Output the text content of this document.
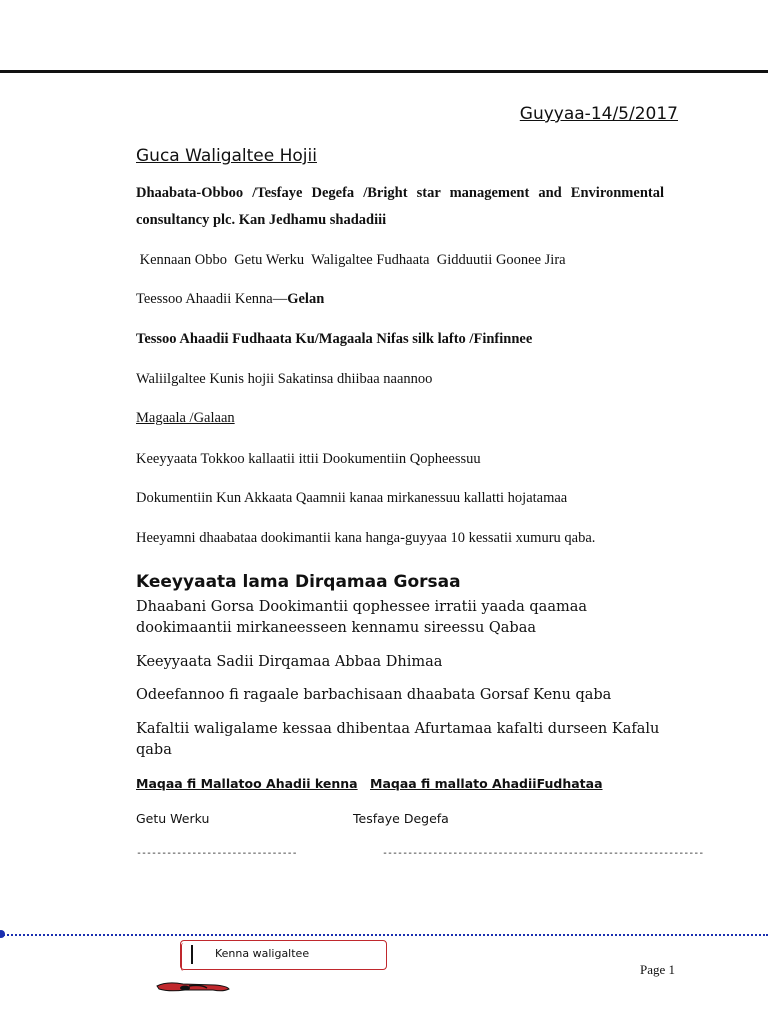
Guyyaa-14/5/2017
Guca Waligaltee Hojii
Dhaabata-Obboo /Tesfaye Degefa /Bright star management and Environmental consultancy plc. Kan Jedhamu shadadiii
Kennaan Obbo  Getu Werku  Waligaltee Fudhaata  Gidduutii Goonee Jira
Teessoo Ahaadii Kenna—Gelan
Tessoo Ahaadii Fudhaata Ku/Magaala Nifas silk lafto /Finfinnee
Waliilgaltee Kunis hojii Sakatinsa dhiibaa naannoo
Magaala /Galaan
Keeyyaata Tokkoo kallaatii ittii Dookumentiin Qopheessuu
Dokumentiin Kun Akkaata Qaamnii kanaa mirkanessuu kallatti hojatamaa
Heeyamni dhaabataa dookimantii kana hanga-guyyaa 10 kessatii xumuru qaba.
Keeyyaata lama Dirqamaa Gorsaa
Dhaabani Gorsa Dookimantii qophessee irratii yaada qaamaa dookimaantii mirkaneesseen kennamu sireessu Qabaa
Keeyyaata Sadii Dirqamaa Abbaa Dhimaa
Odeefannoo fi ragaale barbachisaan dhaabata Gorsaf Kenu qaba
Kafaltii waligalame kessaa dhibentaa Afurtamaa kafalti durseen Kafalu qaba
Maqaa fi Mallatoo Ahadii kenna Maqaa fi mallato AhadiiFudhataa
Getu Werku	Tesfaye Degefa
--------------------------------	----------------------------------------------------------------
Kenna waligaltee
Page 1
